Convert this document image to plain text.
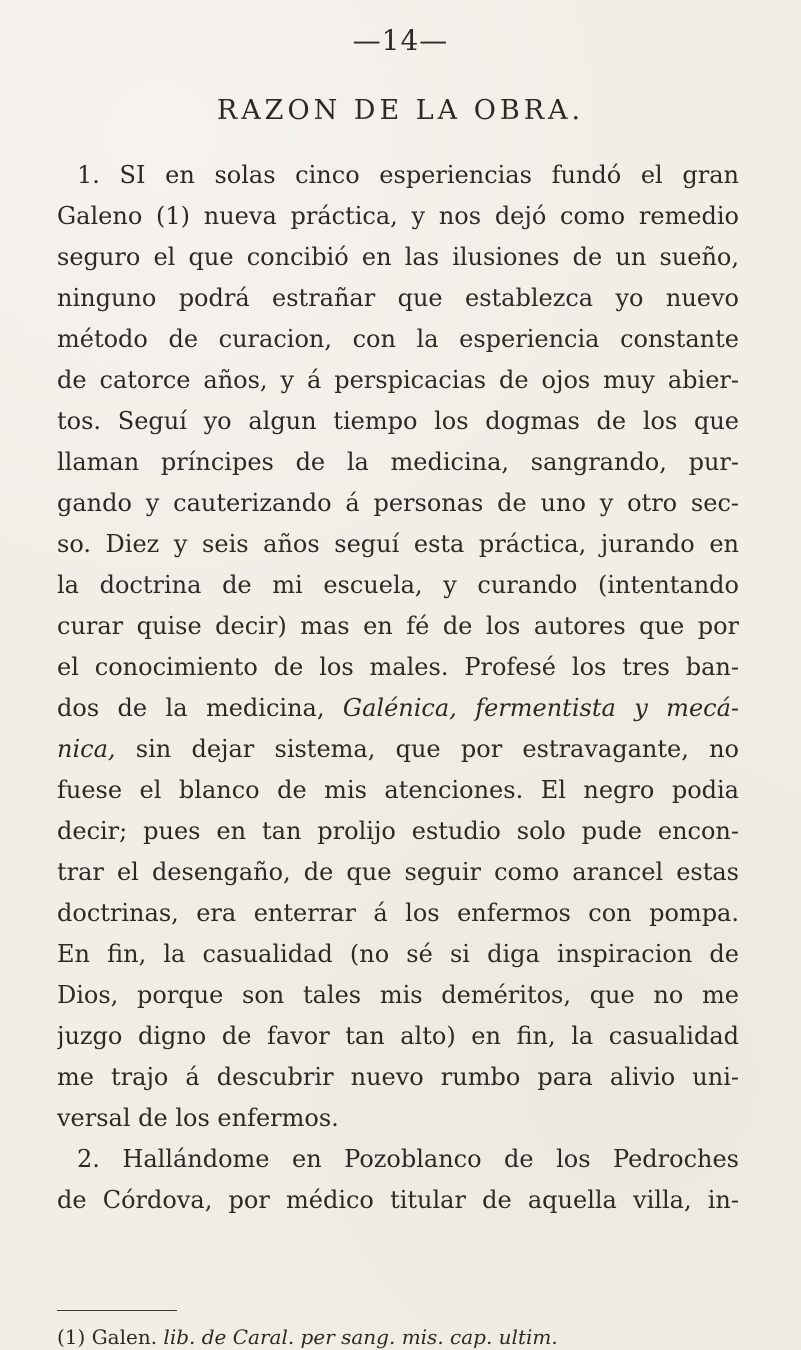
—14—
RAZON DE LA OBRA.
1. SI en solas cinco esperiencias fundó el gran
Galeno (1) nueva práctica, y nos dejó como remedio
seguro el que concibió en las ilusiones de un sueño,
ninguno podrá estrañar que establezca yo nuevo
método de curacion, con la esperiencia constante
de catorce años, y á perspicacias de ojos muy abier-
tos. Seguí yo algun tiempo los dogmas de los que
llaman príncipes de la medicina, sangrando, pur-
gando y cauterizando á personas de uno y otro sec-
so. Diez y seis años seguí esta práctica, jurando en
la doctrina de mi escuela, y curando (intentando
curar quise decir) mas en fé de los autores que por
el conocimiento de los males. Profesé los tres ban-
dos de la medicina, Galénica, fermentista y mecá-
nica, sin dejar sistema, que por estravagante, no
fuese el blanco de mis atenciones. El negro podia
decir; pues en tan prolijo estudio solo pude encon-
trar el desengaño, de que seguir como arancel estas
doctrinas, era enterrar á los enfermos con pompa.
En fin, la casualidad (no sé si diga inspiracion de
Dios, porque son tales mis deméritos, que no me
juzgo digno de favor tan alto) en fin, la casualidad
me trajo á descubrir nuevo rumbo para alivio uni-
versal de los enfermos.
2. Hallándome en Pozoblanco de los Pedroches
de Córdova, por médico titular de aquella villa, in-
(1) Galen. lib. de Caral. per sang. mis. cap. ultim.
